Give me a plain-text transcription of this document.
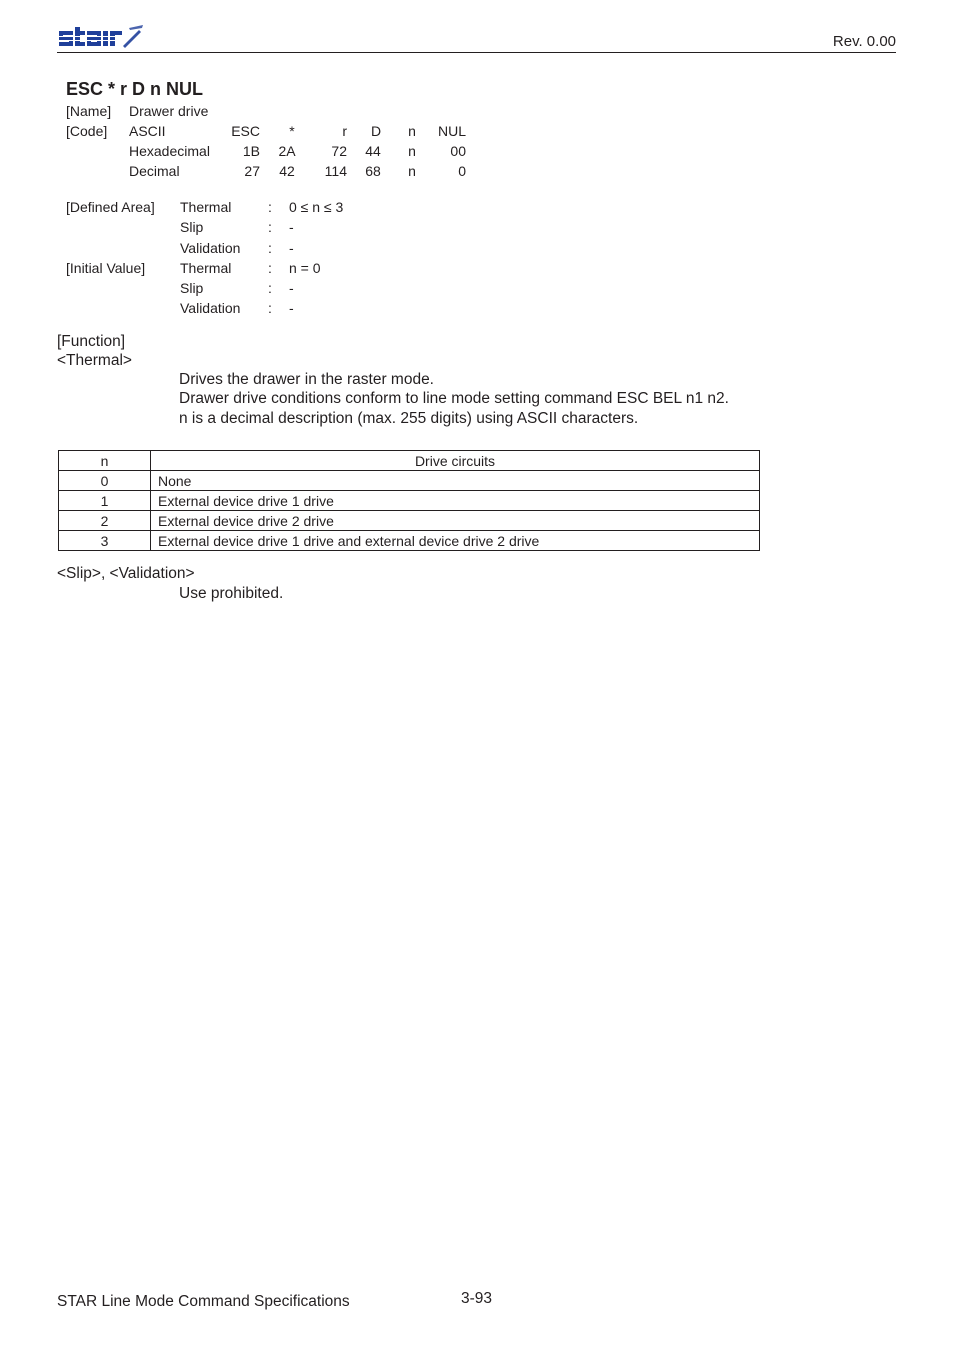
Rev. 0.00
ESC * r D n NUL
[Name] Drawer drive
[Code] ASCII	ESC	*	r	D	n	NUL
Hexadecimal	1B 2A	72	44	n	00
Decimal	27	42	114	68	n	0
[Defined Area] Thermal	: 0 ≤ n ≤ 3
Slip	: -
Validation : -
[Initial Value] Thermal	: n = 0
Slip	: -
Validation : -
[Function]
<Thermal>
Drives the drawer in the raster mode.
Drawer drive conditions conform to line mode setting command ESC BEL n1 n2.
n is a decimal description (max. 255 digits) using ASCII characters.
n	Drive circuits
0	None
1	External device drive 1 drive
2	External device drive 2 drive
3	External device drive 1 drive and external device drive 2 drive
<Slip>, <Validation>
Use prohibited.
STAR Line Mode Command Specifications	3-93
